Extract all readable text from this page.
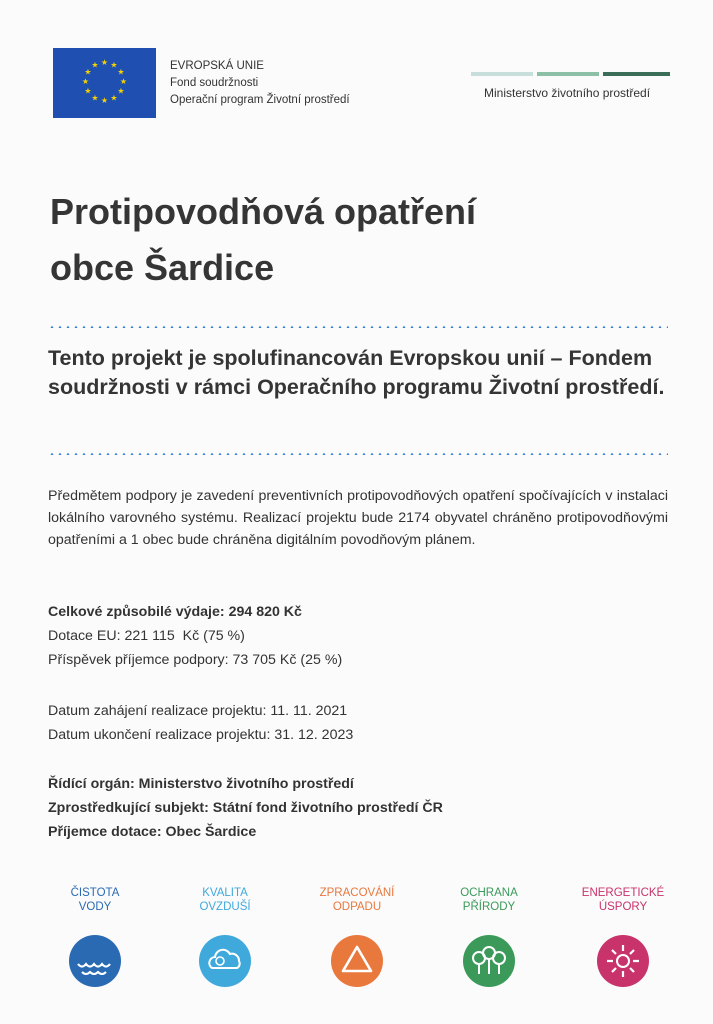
★ ★
★
★
★
★
★
★
★
★
★
★	EVROPSKÁ UNIE
Fond soudržnosti
Operační program Životní prostředí	Ministerstvo životního prostředí
Protipovodňová opatření
obce Šardice
Tento projekt je spolufinancován Evropskou unií – Fondem soudržnosti v rámci Operačního programu Životní prostředí.
Předmětem podpory je zavedení preventivních protipovodňových opatření spočívajících v instalaci lokálního varovného systému. Realizací projektu bude 2174 obyvatel chráněno protipovodňovými opatřeními a 1 obec bude chráněna digitálním povodňovým plánem.
Celkové způsobilé výdaje: 294 820 Kč
Dotace EU: 221 115  Kč (75 %)
Příspěvek příjemce podpory: 73 705 Kč (25 %)
Datum zahájení realizace projektu: 11. 11. 2021
Datum ukončení realizace projektu: 31. 12. 2023
Řídící orgán: Ministerstvo životního prostředí
Zprostředkující subjekt: Státní fond životního prostředí ČR
Příjemce dotace: Obec Šardice
ČISTOTA
VODY
KVALITA
OVZDUŠÍ
ZPRACOVÁNÍ
ODPADU
OCHRANA
PŘÍRODY
ENERGETICKÉ
ÚSPORY
